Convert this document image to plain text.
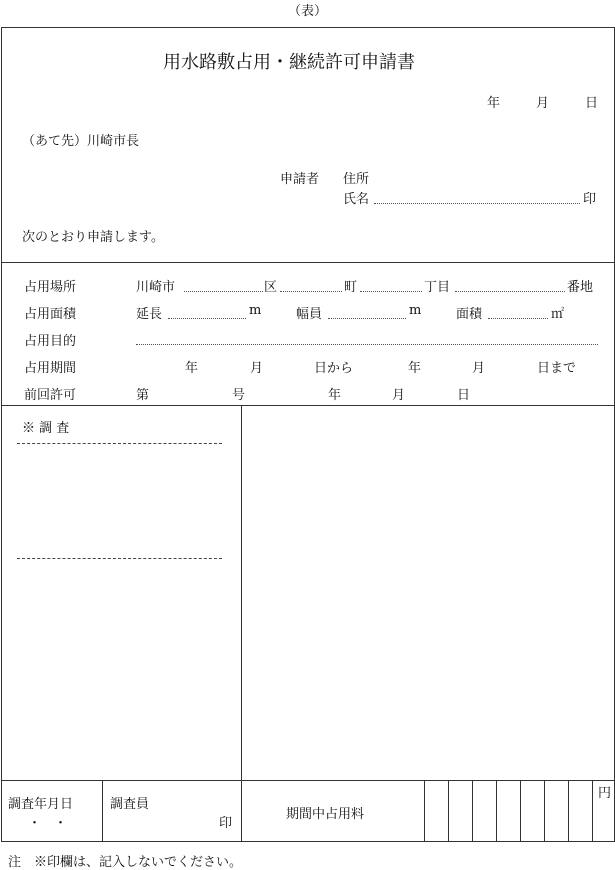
（表）
用水路敷占用・継続許可申請書
年	月	日
（あて先）川崎市長
申請者 住所
氏名	印
次のとおり申請します。
占用場所	川崎市	区	町	丁目	番地
占用面積	延長	m	幅員	m	面積	㎡
占用目的
占用期間	年	月	日から	年	月	日まで
前回許可	第	号	年	月	日
※ 調 査
調査年月日
・　・
調査員
印
期間中占用料
円
注　※印欄は、記入しないでください。
